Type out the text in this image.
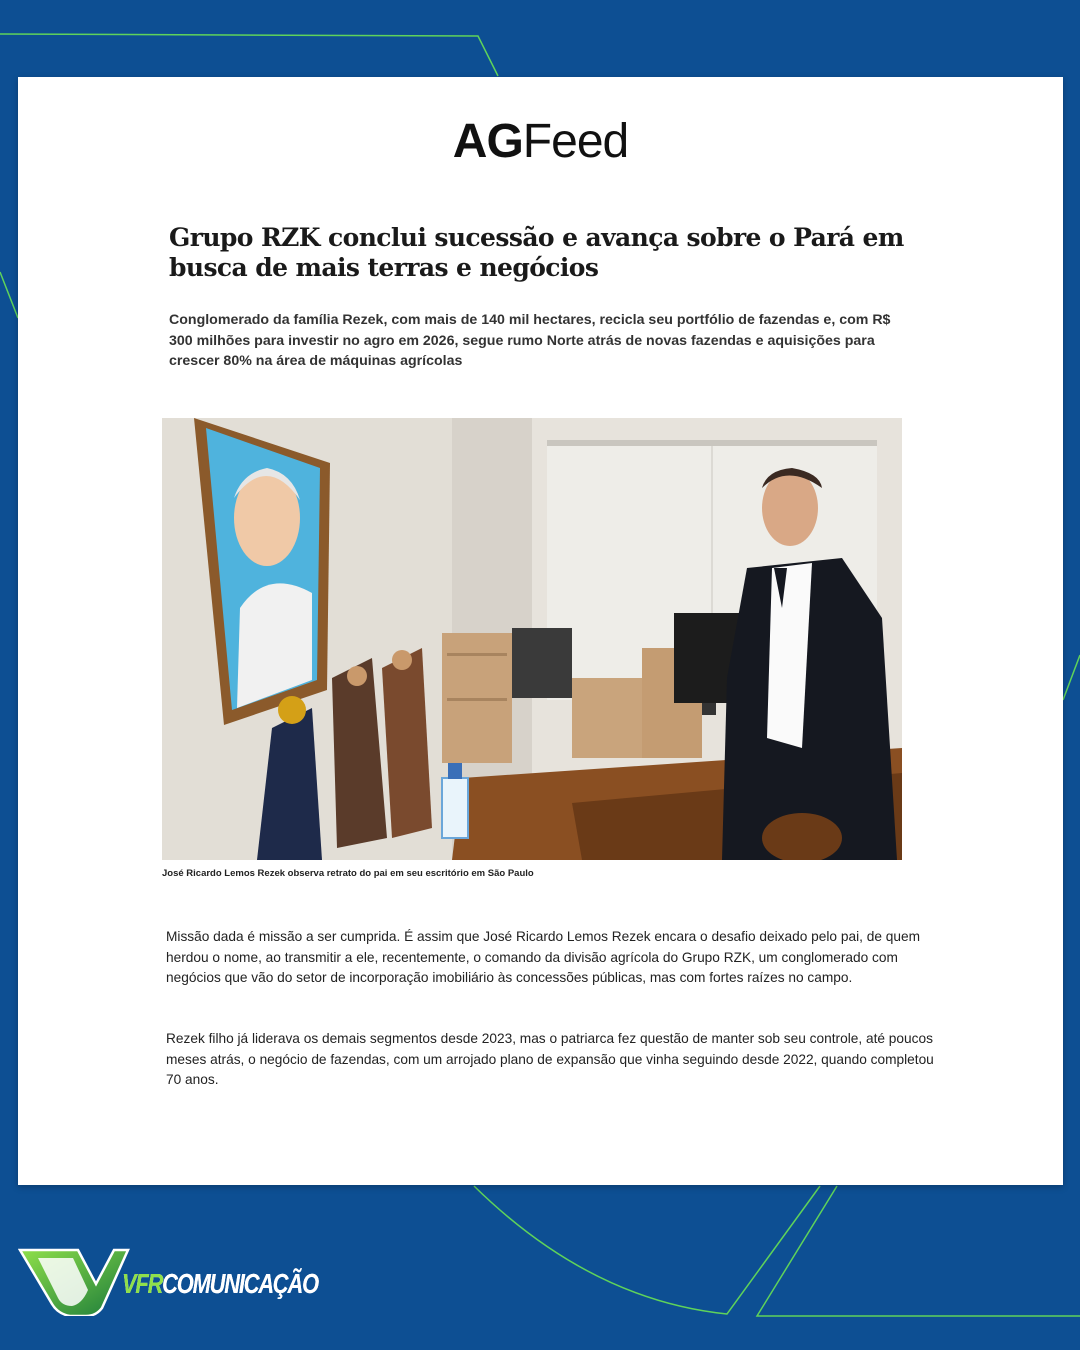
AGFeed
Grupo RZK conclui sucessão e avança sobre o Pará em busca de mais terras e negócios

Conglomerado da família Rezek, com mais de 140 mil hectares, recicla seu portfólio de fazendas e, com R$ 300 milhões para investir no agro em 2026, segue rumo Norte atrás de novas fazendas e aquisições para crescer 80% na área de máquinas agrícolas

José Ricardo Lemos Rezek observa retrato do pai em seu escritório em São Paulo

Missão dada é missão a ser cumprida. É assim que José Ricardo Lemos Rezek encara o desafio deixado pelo pai, de quem herdou o nome, ao transmitir a ele, recentemente, o comando da divisão agrícola do Grupo RZK, um conglomerado com negócios que vão do setor de incorporação imobiliário às concessões públicas, mas com fortes raízes no campo.

Rezek filho já liderava os demais segmentos desde 2023, mas o patriarca fez questão de manter sob seu controle, até poucos meses atrás, o negócio de fazendas, com um arrojado plano de expansão que vinha seguindo desde 2022, quando completou 70 anos.

VFRCOMUNICAÇÃO
